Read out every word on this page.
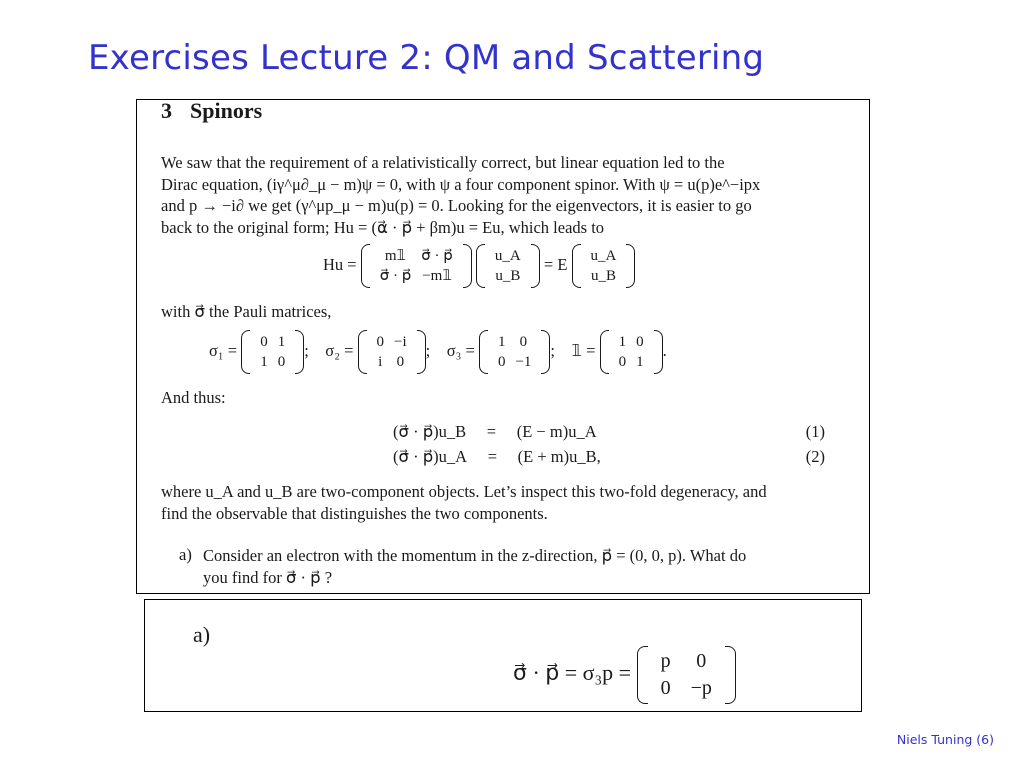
Exercises Lecture 2: QM and Scattering
3 Spinors
We saw that the requirement of a relativistically correct, but linear equation led to the
Dirac equation, (iγ^μ∂_μ − m)ψ = 0, with ψ a four component spinor. With ψ = u(p)e^−ipx
and p → −i∂ we get (γ^μp_μ − m)u(p) = 0. Looking for the eigenvectors, it is easier to go
back to the original form; Hu = (α⃗ · p⃗ + βm)u = Eu, which leads to
Hu = m𝟙	σ⃗ · p⃗
σ⃗ · p⃗	−m𝟙

u_A
u_B
= E u_A
u_B
with σ⃗ the Pauli matrices,
σ₁ = 0	1
1	0
; σ₂ = 0	−i
i	0
; σ₃ = 1	0
0	−1
; 𝟙 = 1	0
0	1
.
And thus:
(σ⃗ · p⃗)u_B = (E − m)u_A	(1)
(σ⃗ · p⃗)u_A = (E + m)u_B,	(2)
where u_A and u_B are two-component objects. Let’s inspect this two-fold degeneracy, and
find the observable that distinguishes the two components.
a) Consider an electron with the momentum in the z-direction, p⃗ = (0, 0, p). What do
you find for σ⃗ · p⃗ ?
a)
σ⃗ · p⃗ = σ₃p = p	0
0	−p
Niels Tuning (6)
